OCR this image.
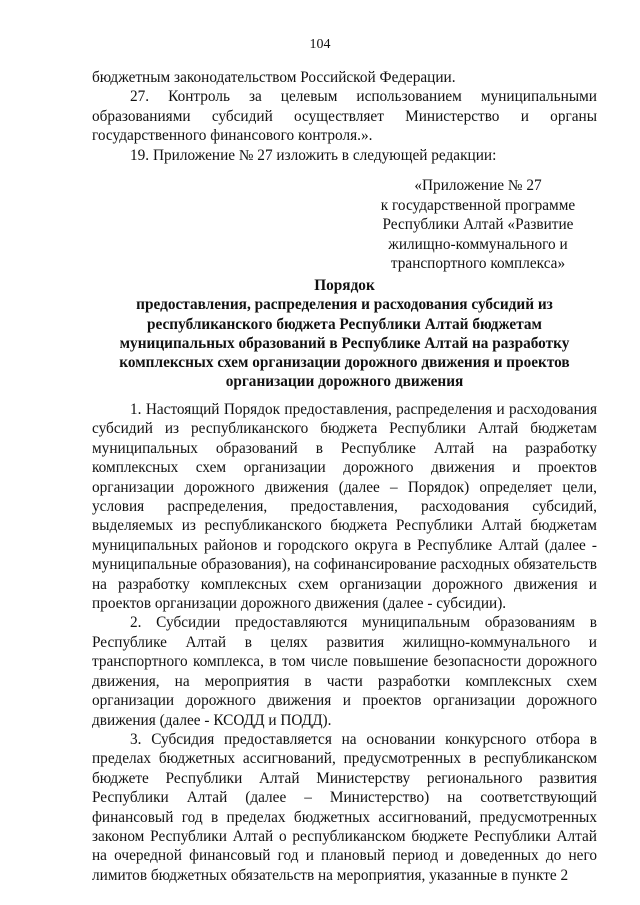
104

бюджетным законодательством Российской Федерации.

27. Контроль за целевым использованием муниципальными образованиями субсидий осуществляет Министерство и органы государственного финансового контроля.».

19. Приложение № 27 изложить в следующей редакции:

«Приложение № 27
к государственной программе
Республики Алтай «Развитие
жилищно-коммунального и
транспортного комплекса»
Порядок
предоставления, распределения и расходования субсидий из
республиканского бюджета Республики Алтай бюджетам
муниципальных образований в Республике Алтай на разработку
комплексных схем организации дорожного движения и проектов
организации дорожного движения

1. Настоящий Порядок предоставления, распределения и расходования субсидий из республиканского бюджета Республики Алтай бюджетам муниципальных образований в Республике Алтай на разработку комплексных схем организации дорожного движения и проектов организации дорожного движения (далее – Порядок) определяет цели, условия распределения, предоставления, расходования субсидий, выделяемых из республиканского бюджета Республики Алтай бюджетам муниципальных районов и городского округа в Республике Алтай (далее - муниципальные образования), на софинансирование расходных обязательств на разработку комплексных схем организации дорожного движения и проектов организации дорожного движения (далее - субсидии).

2. Субсидии предоставляются муниципальным образованиям в Республике Алтай в целях развития жилищно-коммунального и транспортного комплекса, в том числе повышение безопасности дорожного движения, на мероприятия в части разработки комплексных схем организации дорожного движения и проектов организации дорожного движения (далее - КСОДД и ПОДД).

3. Субсидия предоставляется на основании конкурсного отбора в пределах бюджетных ассигнований, предусмотренных в республиканском бюджете Республики Алтай Министерству регионального развития Республики Алтай (далее – Министерство) на соответствующий финансовый год в пределах бюджетных ассигнований, предусмотренных законом Республики Алтай о республиканском бюджете Республики Алтай на очередной финансовый год и плановый период и доведенных до него лимитов бюджетных обязательств на мероприятия, указанные в пункте 2
